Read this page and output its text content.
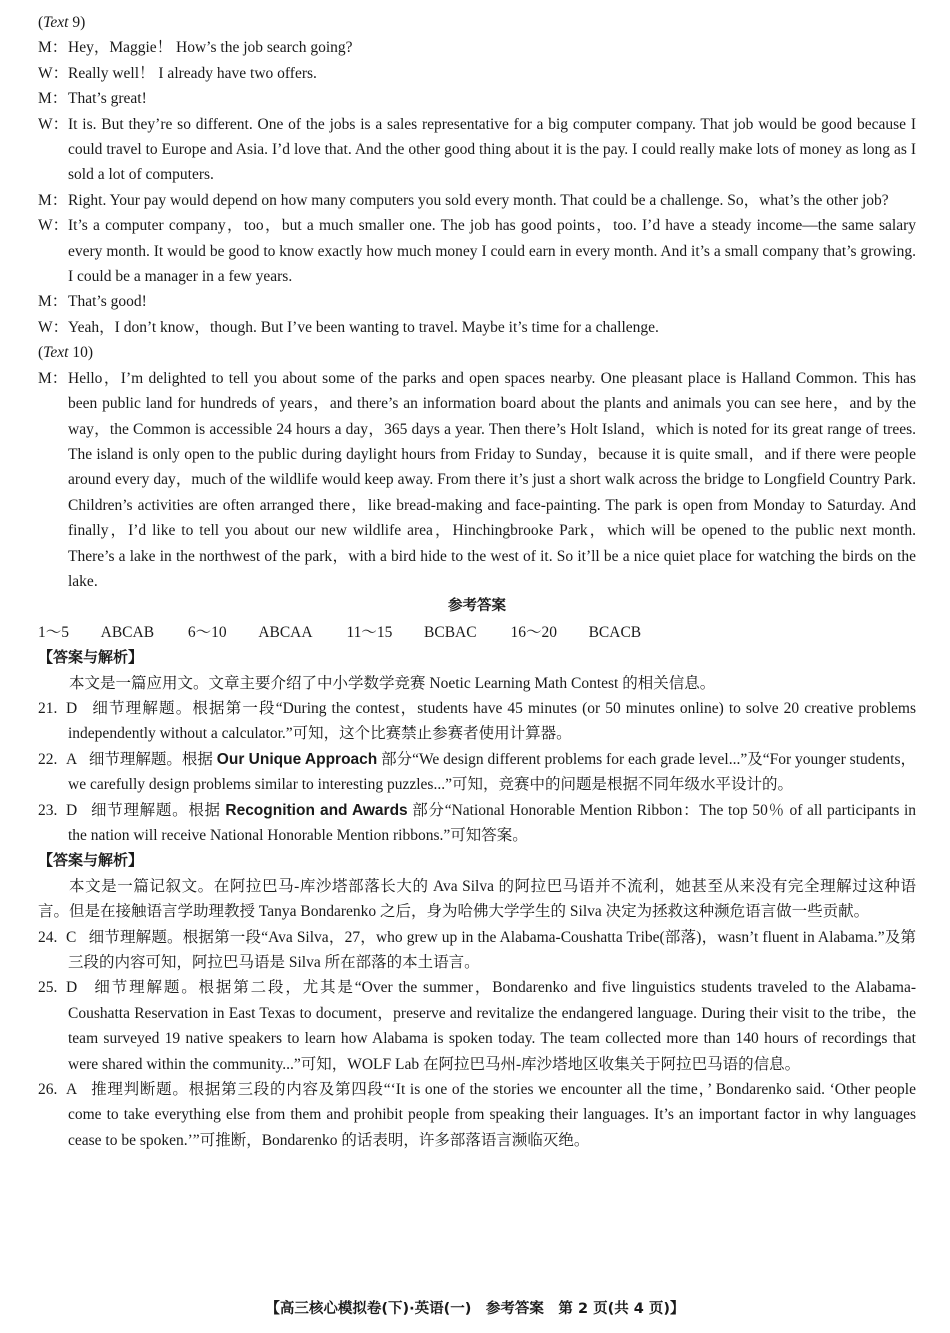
(Text 9)
M：Hey，Maggie！ How’s the job search going?
W：Really well！ I already have two offers.
M：That’s great!
W：It is. But they’re so different. One of the jobs is a sales representative for a big computer company. That job would be good because I could travel to Europe and Asia. I’d love that. And the other good thing about it is the pay. I could really make lots of money as long as I sold a lot of computers.
M：Right. Your pay would depend on how many computers you sold every month. That could be a challenge. So，what’s the other job?
W：It’s a computer company，too，but a much smaller one. The job has good points，too. I’d have a steady income—the same salary every month. It would be good to know exactly how much money I could earn in every month. And it’s a small company that’s growing. I could be a manager in a few years.
M：That’s good!
W：Yeah，I don’t know，though. But I’ve been wanting to travel. Maybe it’s time for a challenge.
(Text 10)
M：Hello，I’m delighted to tell you about some of the parks and open spaces nearby. One pleasant place is Halland Common. This has been public land for hundreds of years，and there’s an information board about the plants and animals you can see here，and by the way，the Common is accessible 24 hours a day，365 days a year. Then there’s Holt Island，which is noted for its great range of trees. The island is only open to the public during daylight hours from Friday to Sunday，because it is quite small，and if there were people around every day，much of the wildlife would keep away. From there it’s just a short walk across the bridge to Longfield Country Park. Children’s activities are often arranged there，like bread-making and face-painting. The park is open from Monday to Saturday. And finally，I’d like to tell you about our new wildlife area，Hinchingbrooke Park，which will be opened to the public next month. There’s a lake in the northwest of the park，with a bird hide to the west of it. So it’ll be a nice quiet place for watching the birds on the lake.
参考答案
1～5 ABCAB 6～10 ABCAA 11～15 BCBAC 16～20 BCACB
【答案与解析】
本文是一篇应用文。文章主要介绍了中小学数学竞赛 Noetic Learning Math Contest 的相关信息。
21. D 细节理解题。根据第一段“During the contest，students have 45 minutes (or 50 minutes online) to solve 20 creative problems independently without a calculator.”可知，这个比赛禁止参赛者使用计算器。
22. A 细节理解题。根据 Our Unique Approach 部分“We design different problems for each grade level...”及“For younger students，we carefully design problems similar to interesting puzzles...”可知，竞赛中的问题是根据不同年级水平设计的。
23. D 细节理解题。根据 Recognition and Awards 部分“National Honorable Mention Ribbon：The top 50％ of all participants in the nation will receive National Honorable Mention ribbons.”可知答案。
【答案与解析】
本文是一篇记叙文。在阿拉巴马-库沙塔部落长大的 Ava Silva 的阿拉巴马语并不流利，她甚至从来没有完全理解过这种语言。但是在接触语言学助理教授 Tanya Bondarenko 之后，身为哈佛大学学生的 Silva 决定为拯救这种濒危语言做一些贡献。
24. C 细节理解题。根据第一段“Ava Silva，27，who grew up in the Alabama-Coushatta Tribe(部落)，wasn’t fluent in Alabama.”及第三段的内容可知，阿拉巴马语是 Silva 所在部落的本土语言。
25. D 细节理解题。根据第二段，尤其是“Over the summer，Bondarenko and five linguistics students traveled to the Alabama-Coushatta Reservation in East Texas to document，preserve and revitalize the endangered language. During their visit to the tribe，the team surveyed 19 native speakers to learn how Alabama is spoken today. The team collected more than 140 hours of recordings that were shared within the community...”可知，WOLF Lab 在阿拉巴马州-库沙塔地区收集关于阿拉巴马语的信息。
26. A 推理判断题。根据第三段的内容及第四段“‘It is one of the stories we encounter all the time，’ Bondarenko said. ‘Other people come to take everything else from them and prohibit people from speaking their languages. It’s an important factor in why languages cease to be spoken.’”可推断，Bondarenko 的话表明，许多部落语言濒临灭绝。
【高三核心模拟卷(下)·英语(一)　参考答案　第 2 页(共 4 页)】
